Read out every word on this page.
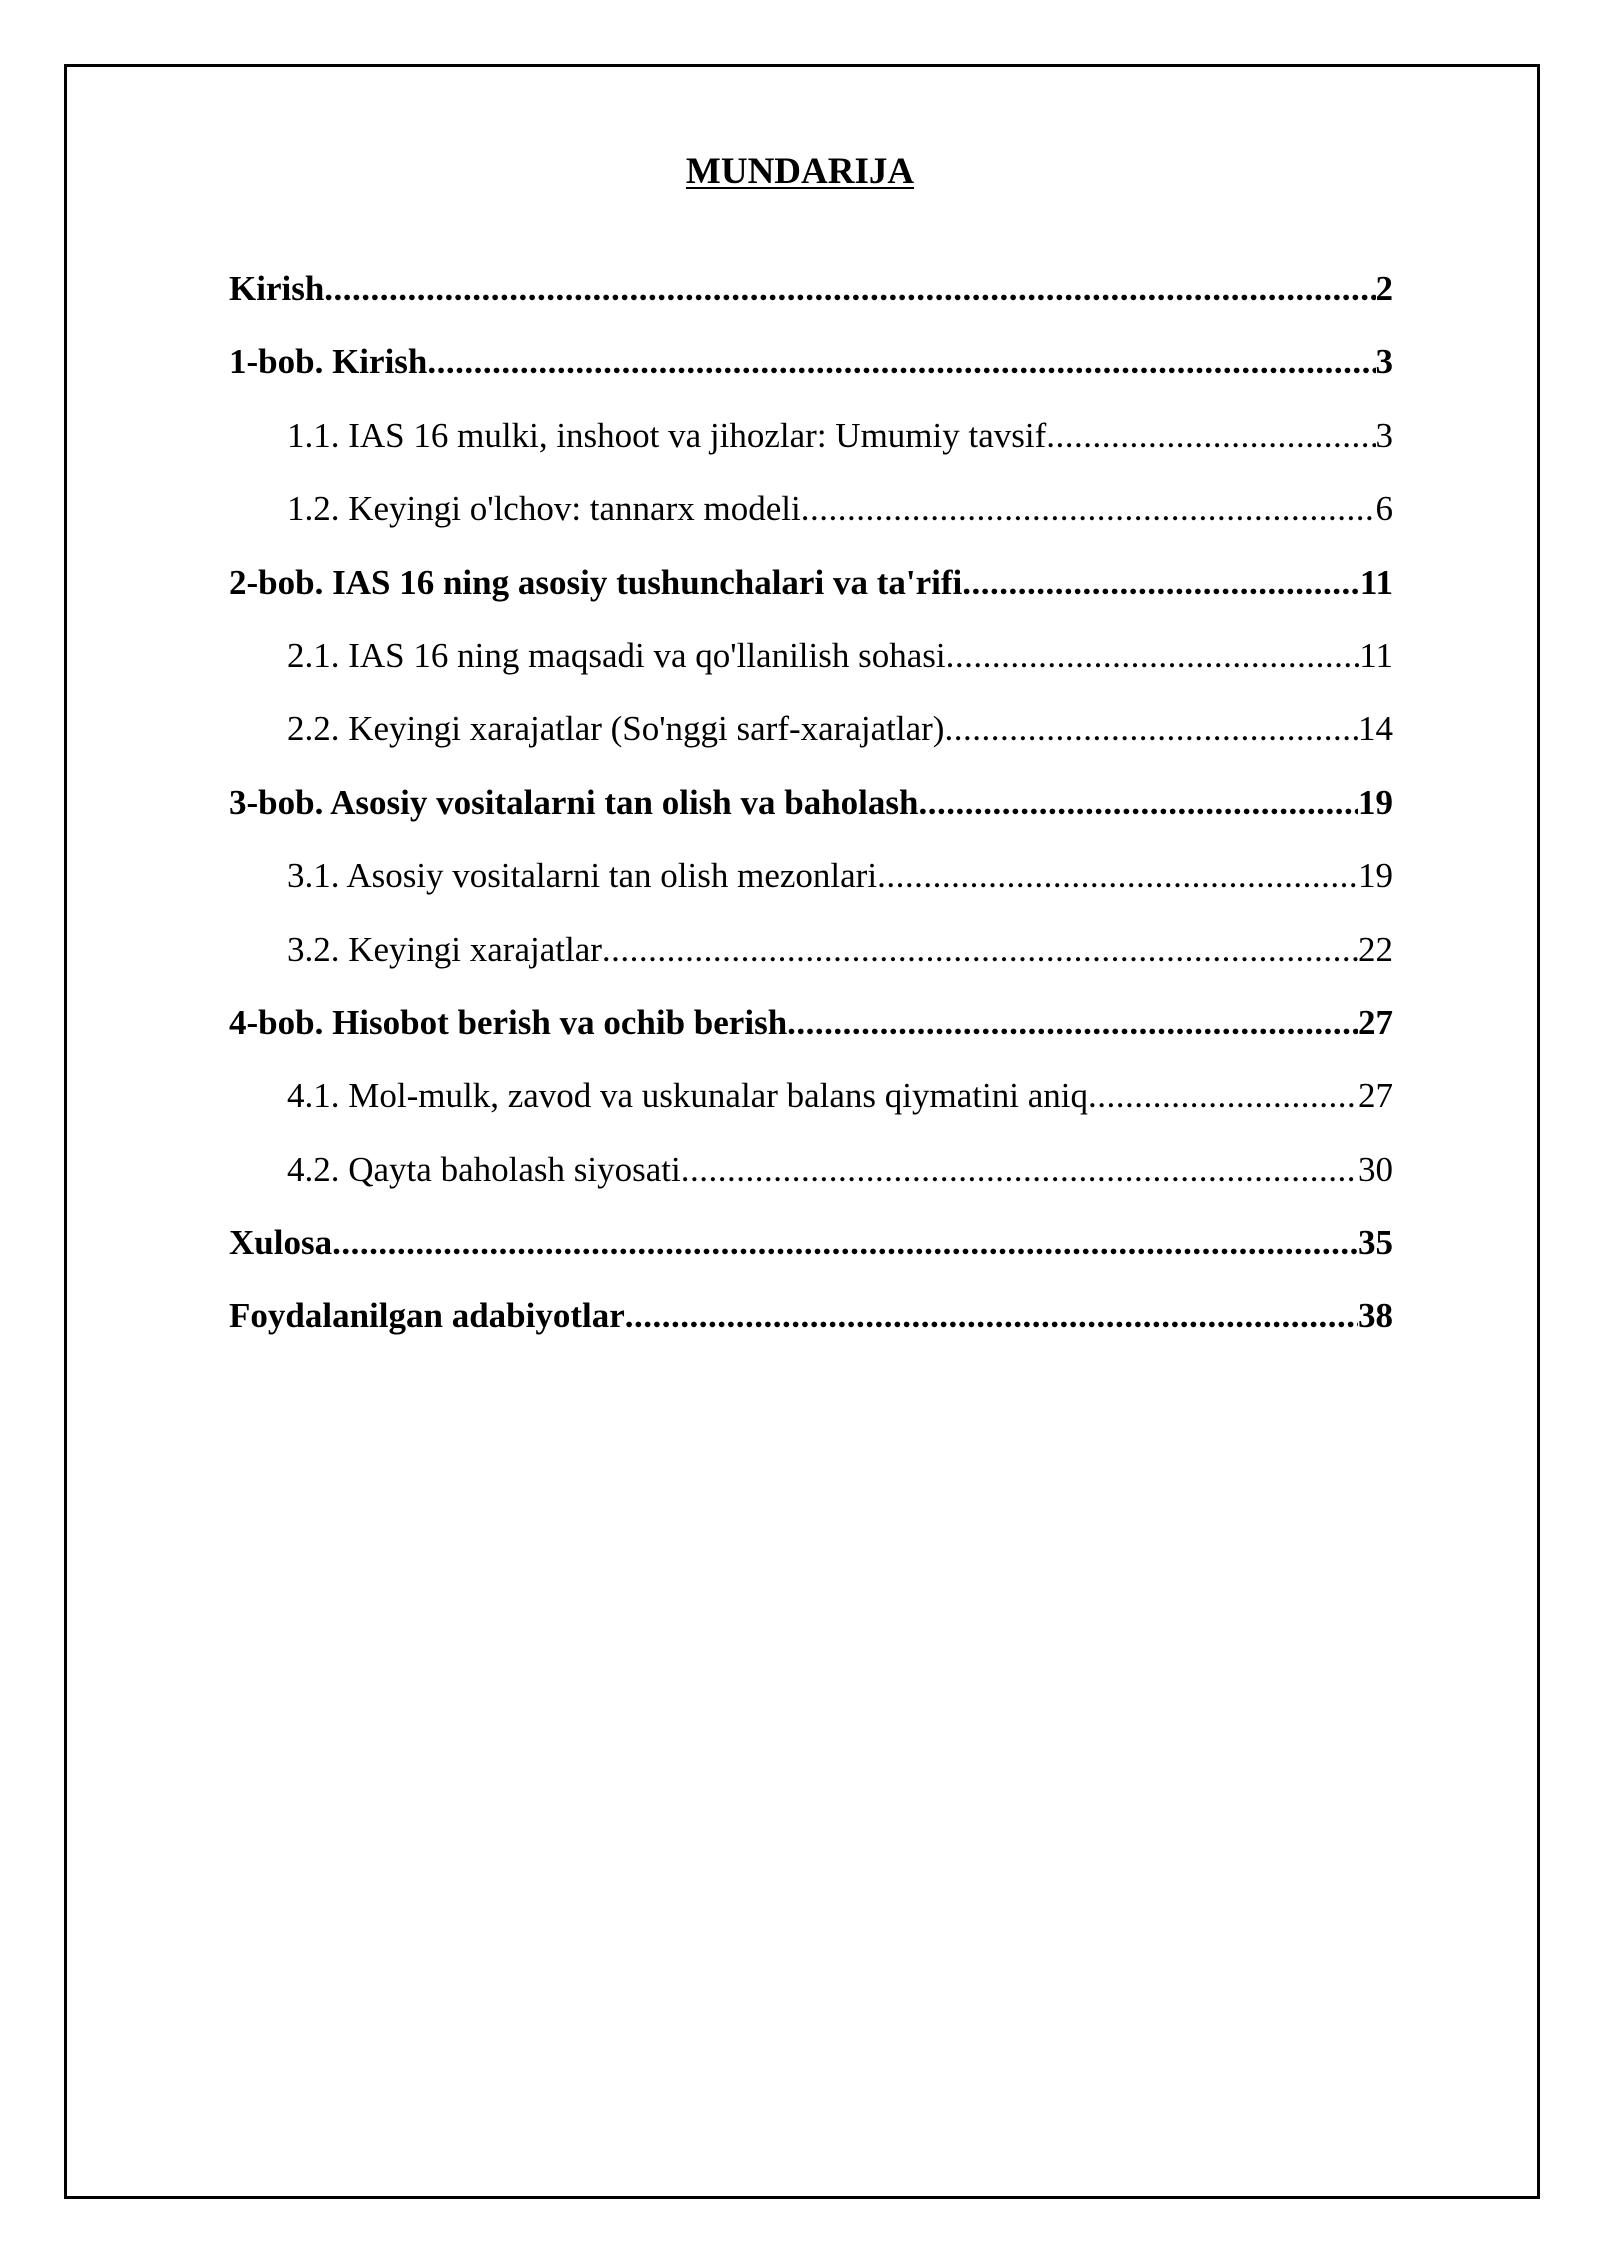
MUNDARIJA
Kirish .....	2
1-bob. Kirish .....	3
1.1. IAS 16 mulki, inshoot va jihozlar: Umumiy tavsif .....	3
1.2. Keyingi o'lchov: tannarx modeli .....	6
2-bob. IAS 16 ning asosiy tushunchalari va ta'rifi .....	11
2.1. IAS 16 ning maqsadi va qo'llanilish sohasi .....	11
2.2. Keyingi xarajatlar (So'nggi sarf-xarajatlar) .....	14
3-bob. Asosiy vositalarni tan olish va baholash .....	19
3.1. Asosiy vositalarni tan olish mezonlari .....	19
3.2. Keyingi xarajatlar .....	22
4-bob. Hisobot berish va ochib berish .....	27
4.1. Mol-mulk, zavod va uskunalar balans qiymatini aniq .....	27
4.2. Qayta baholash siyosati .....	30
Xulosa .....	35
Foydalanilgan adabiyotlar .....	38
